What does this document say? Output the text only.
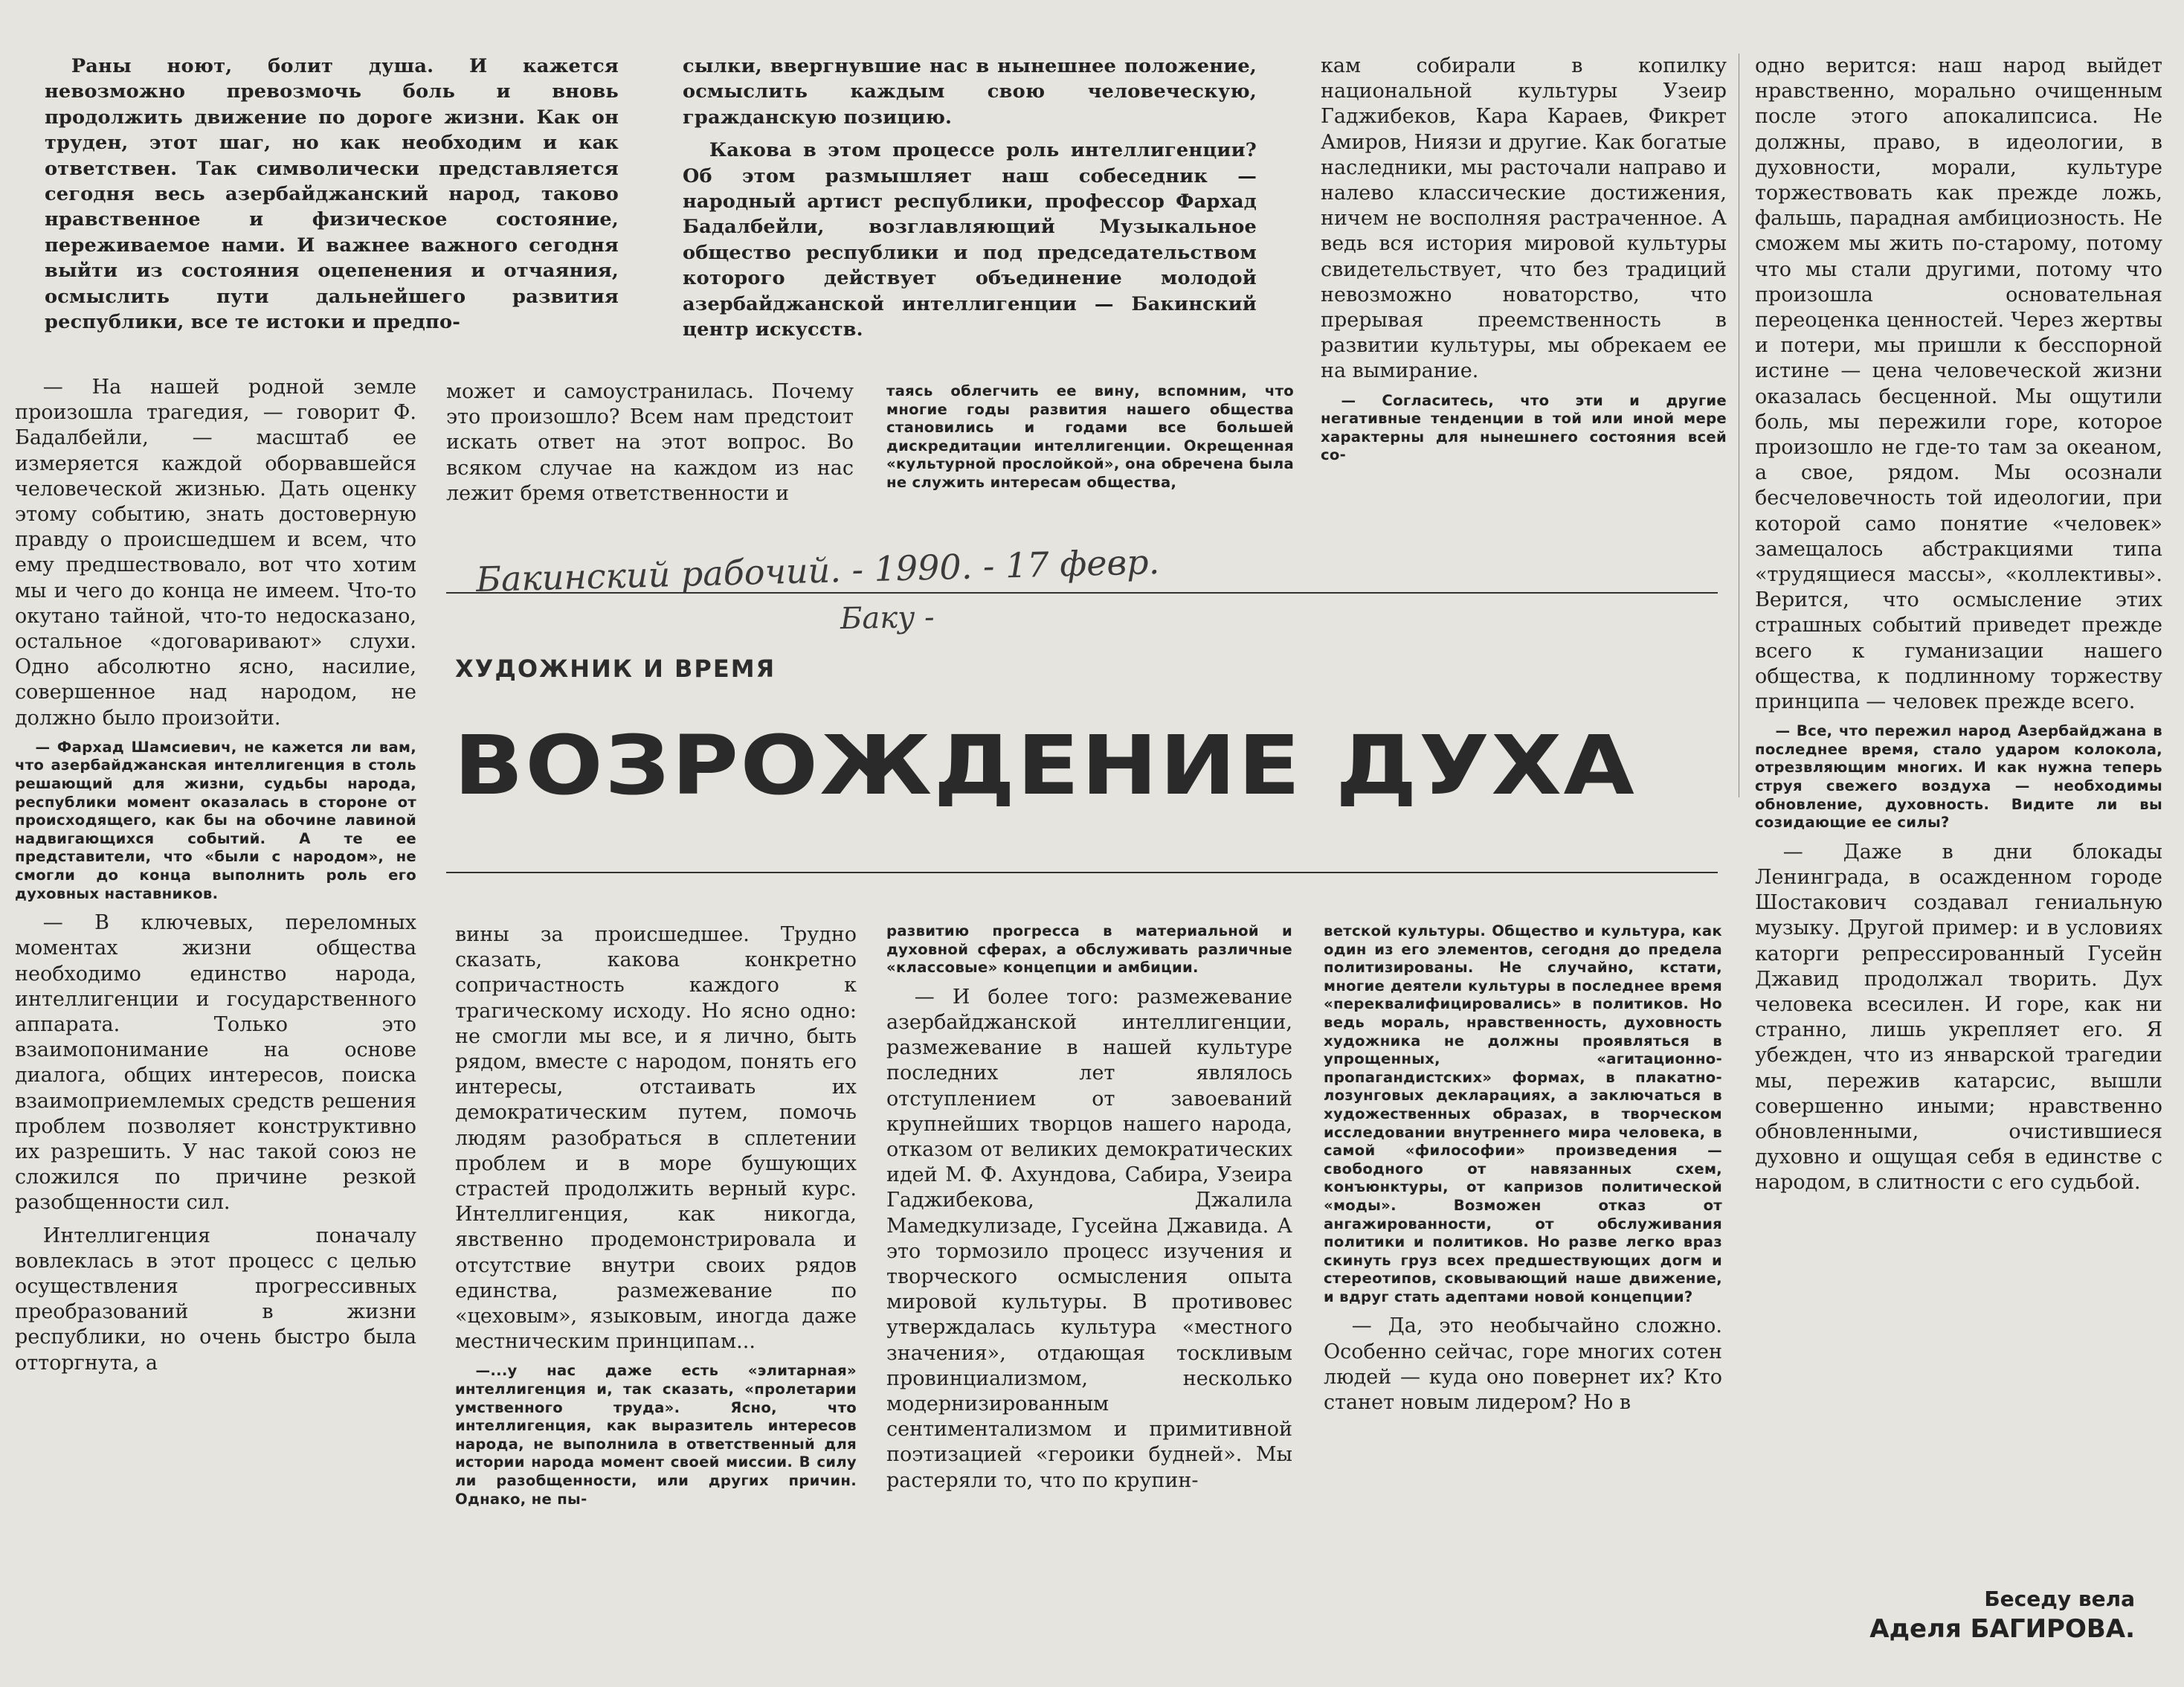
Раны ноют, болит душа. И кажется невозможно превозмочь боль и вновь продолжить движение по дороге жизни. Как он труден, этот шаг, но как необходим и как ответствен. Так символически представляется сегодня весь азербайджанский народ, таково нравственное и физическое состояние, переживаемое нами. И важнее важного сегодня выйти из состояния оцепенения и отчаяния, осмыслить пути дальнейшего развития республики, все те истоки и предпо-

сылки, ввергнувшие нас в нынешнее положение, осмыслить каждым свою человеческую, гражданскую позицию.

Какова в этом процессе роль интеллигенции? Об этом размышляет наш собеседник — народный артист республики, профессор Фархад Бадалбейли, возглавляющий Музыкальное общество республики и под председательством которого действует объединение молодой азербайджанской интеллигенции — Бакинский центр искусств.

кам собирали в копилку национальной культуры Узеир Гаджибеков, Кара Караев, Фикрет Амиров, Ниязи и другие. Как богатые наследники, мы расточали направо и налево классические достижения, ничем не восполняя растраченное. А ведь вся история мировой культуры свидетельствует, что без традиций невозможно новаторство, что прерывая преемственность в развитии культуры, мы обрекаем ее на вымирание.

— Согласитесь, что эти и другие негативные тенденции в той или иной мере характерны для нынешнего состояния всей со-

одно верится: наш народ выйдет нравственно, морально очищенным после этого апокалипсиса. Не должны, право, в идеологии, в духовности, морали, культуре торжествовать как прежде ложь, фальшь, парадная амбициозность. Не сможем мы жить по-старому, потому что мы стали другими, потому что произошла основательная переоценка ценностей. Через жертвы и потери, мы пришли к бесспорной истине — цена человеческой жизни оказалась бесценной. Мы ощутили боль, мы пережили горе, которое произошло не где-то там за океаном, а свое, рядом. Мы осознали бесчеловечность той идеологии, при которой само понятие «человек» замещалось абстракциями типа «трудящиеся массы», «коллективы». Верится, что осмысление этих страшных событий приведет прежде всего к гуманизации нашего общества, к подлинному торжеству принципа — человек прежде всего.

— Все, что пережил народ Азербайджана в последнее время, стало ударом колокола, отрезвляющим многих. И как нужна теперь струя свежего воздуха — необходимы обновление, духовность. Видите ли вы созидающие ее силы?

— Даже в дни блокады Ленинграда, в осажденном городе Шостакович создавал гениальную музыку. Другой пример: и в условиях каторги репрессированный Гусейн Джавид продолжал творить. Дух человека всесилен. И горе, как ни странно, лишь укрепляет его. Я убежден, что из январской трагедии мы, пережив катарсис, вышли совершенно иными; нравственно обновленными, очистившиеся духовно и ощущая себя в единстве с народом, в слитности с его судьбой.

— На нашей родной земле произошла трагедия, — говорит Ф. Бадалбейли, — масштаб ее измеряется каждой оборвавшейся человеческой жизнью. Дать оценку этому событию, знать достоверную правду о происшедшем и всем, что ему предшествовало, вот что хотим мы и чего до конца не имеем. Что-то окутано тайной, что-то недосказано, остальное «договаривают» слухи. Одно абсолютно ясно, насилие, совершенное над народом, не должно было произойти.

— Фархад Шамсиевич, не кажется ли вам, что азербайджанская интеллигенция в столь решающий для жизни, судьбы народа, республики момент оказалась в стороне от происходящего, как бы на обочине лавиной надвигающихся событий. А те ее представители, что «были с народом», не смогли до конца выполнить роль его духовных наставников.

— В ключевых, переломных моментах жизни общества необходимо единство народа, интеллигенции и государственного аппарата. Только это взаимопонимание на основе диалога, общих интересов, поиска взаимоприемлемых средств решения проблем позволяет конструктивно их разрешить. У нас такой союз не сложился по причине резкой разобщенности сил.

Интеллигенция поначалу вовлеклась в этот процесс с целью осуществления прогрессивных преобразований в жизни республики, но очень быстро была отторгнута, а

может и самоустранилась. Почему это произошло? Всем нам предстоит искать ответ на этот вопрос. Во всяком случае на каждом из нас лежит бремя ответственности и

таясь облегчить ее вину, вспомним, что многие годы развития нашего общества становились и годами все большей дискредитации интеллигенции. Окрещенная «культурной прослойкой», она обречена была не служить интересам общества,

Бакинский рабочий. - 1990. - 17 февр.
Баку -
ХУДОЖНИК И ВРЕМЯ
ВОЗРОЖДЕНИЕ ДУХА

вины за происшедшее. Трудно сказать, какова конкретно сопричастность каждого к трагическому исходу. Но ясно одно: не смогли мы все, и я лично, быть рядом, вместе с народом, понять его интересы, отстаивать их демократическим путем, помочь людям разобраться в сплетении проблем и в море бушующих страстей продолжить верный курс. Интеллигенция, как никогда, явственно продемонстрировала и отсутствие внутри своих рядов единства, размежевание по «цеховым», языковым, иногда даже местническим принципам...

—...у нас даже есть «элитарная» интеллигенция и, так сказать, «пролетарии умственного труда». Ясно, что интеллигенция, как выразитель интересов народа, не выполнила в ответственный для истории народа момент своей миссии. В силу ли разобщенности, или других причин. Однако, не пы-

развитию прогресса в материальной и духовной сферах, а обслуживать различные «классовые» концепции и амбиции.

— И более того: размежевание азербайджанской интеллигенции, размежевание в нашей культуре последних лет являлось отступлением от завоеваний крупнейших творцов нашего народа, отказом от великих демократических идей М. Ф. Ахундова, Сабира, Узеира Гаджибекова, Джалила Мамедкулизаде, Гусейна Джавида. А это тормозило процесс изучения и творческого осмысления опыта мировой культуры. В противовес утверждалась культура «местного значения», отдающая тоскливым провинциализмом, несколько модернизированным сентиментализмом и примитивной поэтизацией «героики будней». Мы растеряли то, что по крупин-

ветской культуры. Общество и культура, как один из его элементов, сегодня до предела политизированы. Не случайно, кстати, многие деятели культуры в последнее время «переквалифицировались» в политиков. Но ведь мораль, нравственность, духовность художника не должны проявляться в упрощенных, «агитационно-пропагандистских» формах, в плакатно-лозунговых декларациях, а заключаться в художественных образах, в творческом исследовании внутреннего мира человека, в самой «философии» произведения — свободного от навязанных схем, конъюнктуры, от капризов политической «моды». Возможен отказ от ангажированности, от обслуживания политики и политиков. Но разве легко враз скинуть груз всех предшествующих догм и стереотипов, сковывающий наше движение, и вдруг стать адептами новой концепции?

— Да, это необычайно сложно. Особенно сейчас, горе многих сотен людей — куда оно повернет их? Кто станет новым лидером? Но в

Беседу вела
Аделя БАГИРОВА.
